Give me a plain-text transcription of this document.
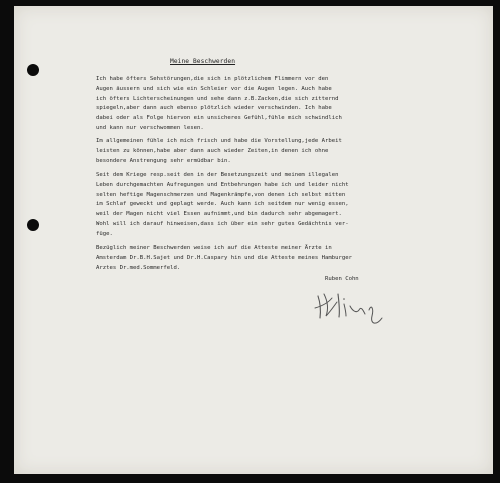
Meine Beschwerden

Ich habe öfters Sehstörungen,die sich in plötzlichem Flimmern vor den
Augen äussern und sich wie ein Schleier vor die Augen legen. Auch habe
ich öfters Lichterscheinungen und sehe dann z.B.Zacken,die sich zitternd
spiegeln,aber dann auch ebenso plötzlich wieder verschwinden. Ich habe
dabei oder als Folge hiervon ein unsicheres Gefühl,fühle mich schwindlich
und kann nur verschwommen lesen.

Im allgemeinen fühle ich mich frisch und habe die Vorstellung,jede Arbeit
leisten zu können,habe aber dann auch wieder Zeiten,in denen ich ohne
besondere Anstrengung sehr ermüdbar bin.

Seit dem Kriege resp.seit den in der Besetzungszeit und meinem illegalen
Leben durchgemachten Aufregungen und Entbehrungen habe ich und leider nicht
selten heftige Magenschmerzen und Magenkrämpfe,von denen ich selbst mitten
im Schlaf geweckt und geplagt werde. Auch kann ich seitdem nur wenig essen,
weil der Magen nicht viel Essen aufnimmt,und bin dadurch sehr abgemagert.

Wohl will ich darauf hinweisen,dass ich über ein sehr gutes Gedächtnis ver-
füge.

Bezüglich meiner Beschwerden weise ich auf die Atteste meiner Ärzte in
Amsterdam Dr.B.H.Sajet und Dr.H.Caspary hin und die Atteste meines Hamburger
Arztes Dr.med.Sommerfeld.

Ruben Cohn
